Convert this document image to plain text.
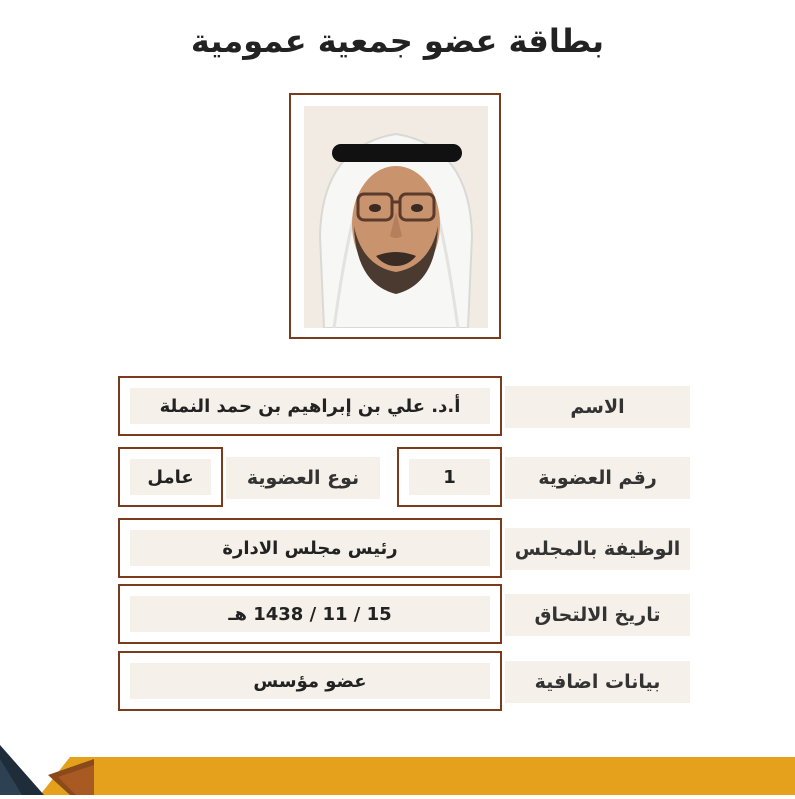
بطاقة عضو جمعية عمومية
الاسم
أ.د. علي بن إبراهيم بن حمد النملة
رقم العضوية
1
نوع العضوية
عامل
الوظيفة بالمجلس
رئيس مجلس الادارة
تاريخ الالتحاق
15 / 11 / 1438 هـ
بيانات اضافية
عضو مؤسس
